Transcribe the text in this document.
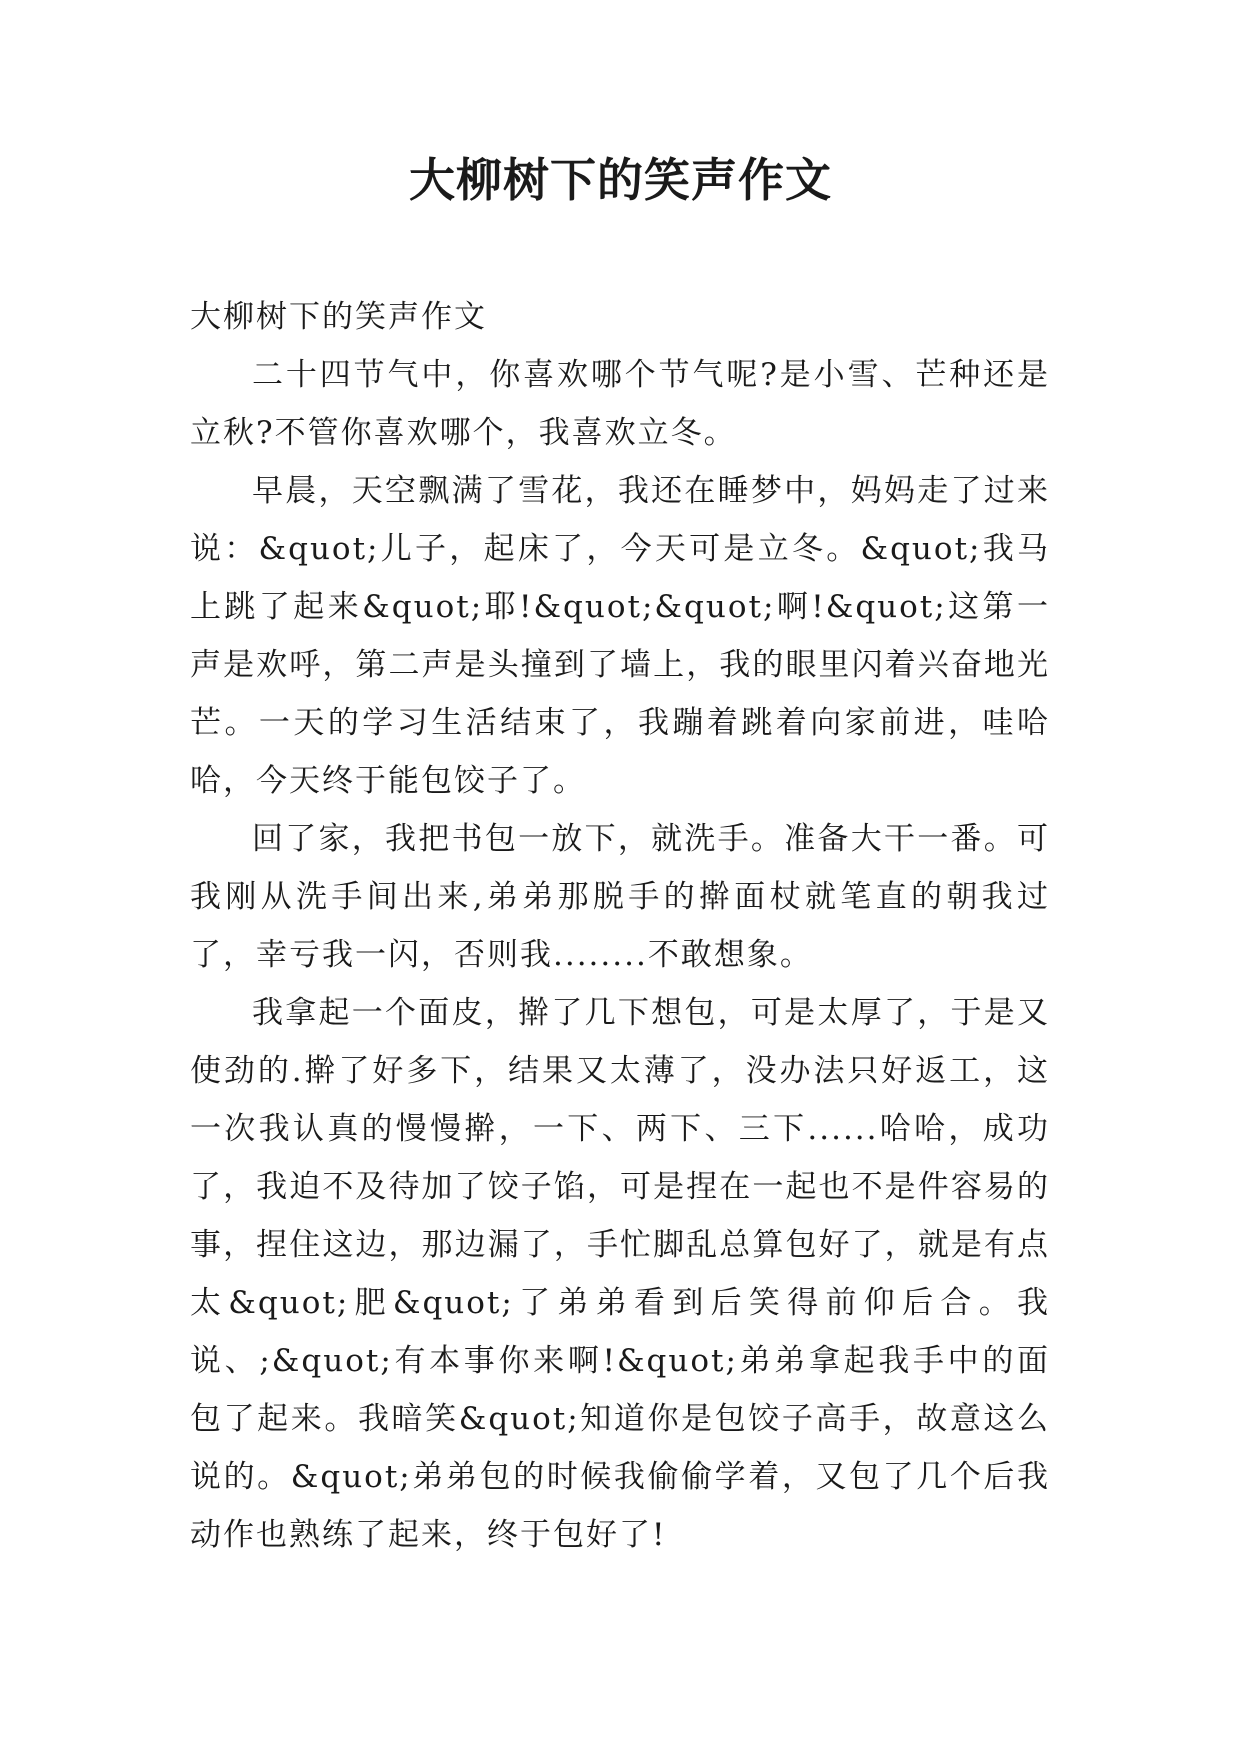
大柳树下的笑声作文

大柳树下的笑声作文

二十四节气中，你喜欢哪个节气呢?是小雪、芒种还是立秋?不管你喜欢哪个，我喜欢立冬。

早晨，天空飘满了雪花，我还在睡梦中，妈妈走了过来说：&quot;儿子，起床了，今天可是立冬。&quot;我马上跳了起来&quot;耶!&quot;&quot;啊!&quot;这第一声是欢呼，第二声是头撞到了墙上，我的眼里闪着兴奋地光芒。一天的学习生活结束了，我蹦着跳着向家前进，哇哈哈，今天终于能包饺子了。

回了家，我把书包一放下，就洗手。准备大干一番。可我刚从洗手间出来,弟弟那脱手的擀面杖就笔直的朝我过了，幸亏我一闪，否则我........不敢想象。

我拿起一个面皮，擀了几下想包，可是太厚了，于是又使劲的.擀了好多下，结果又太薄了，没办法只好返工，这一次我认真的慢慢擀，一下、两下、三下......哈哈，成功了，我迫不及待加了饺子馅，可是捏在一起也不是件容易的事，捏住这边，那边漏了，手忙脚乱总算包好了，就是有点太&quot;肥&quot;了弟弟看到后笑得前仰后合。我说、;&quot;有本事你来啊!&quot;弟弟拿起我手中的面包了起来。我暗笑&quot;知道你是包饺子高手，故意这么说的。&quot;弟弟包的时候我偷偷学着，又包了几个后我动作也熟练了起来，终于包好了!
